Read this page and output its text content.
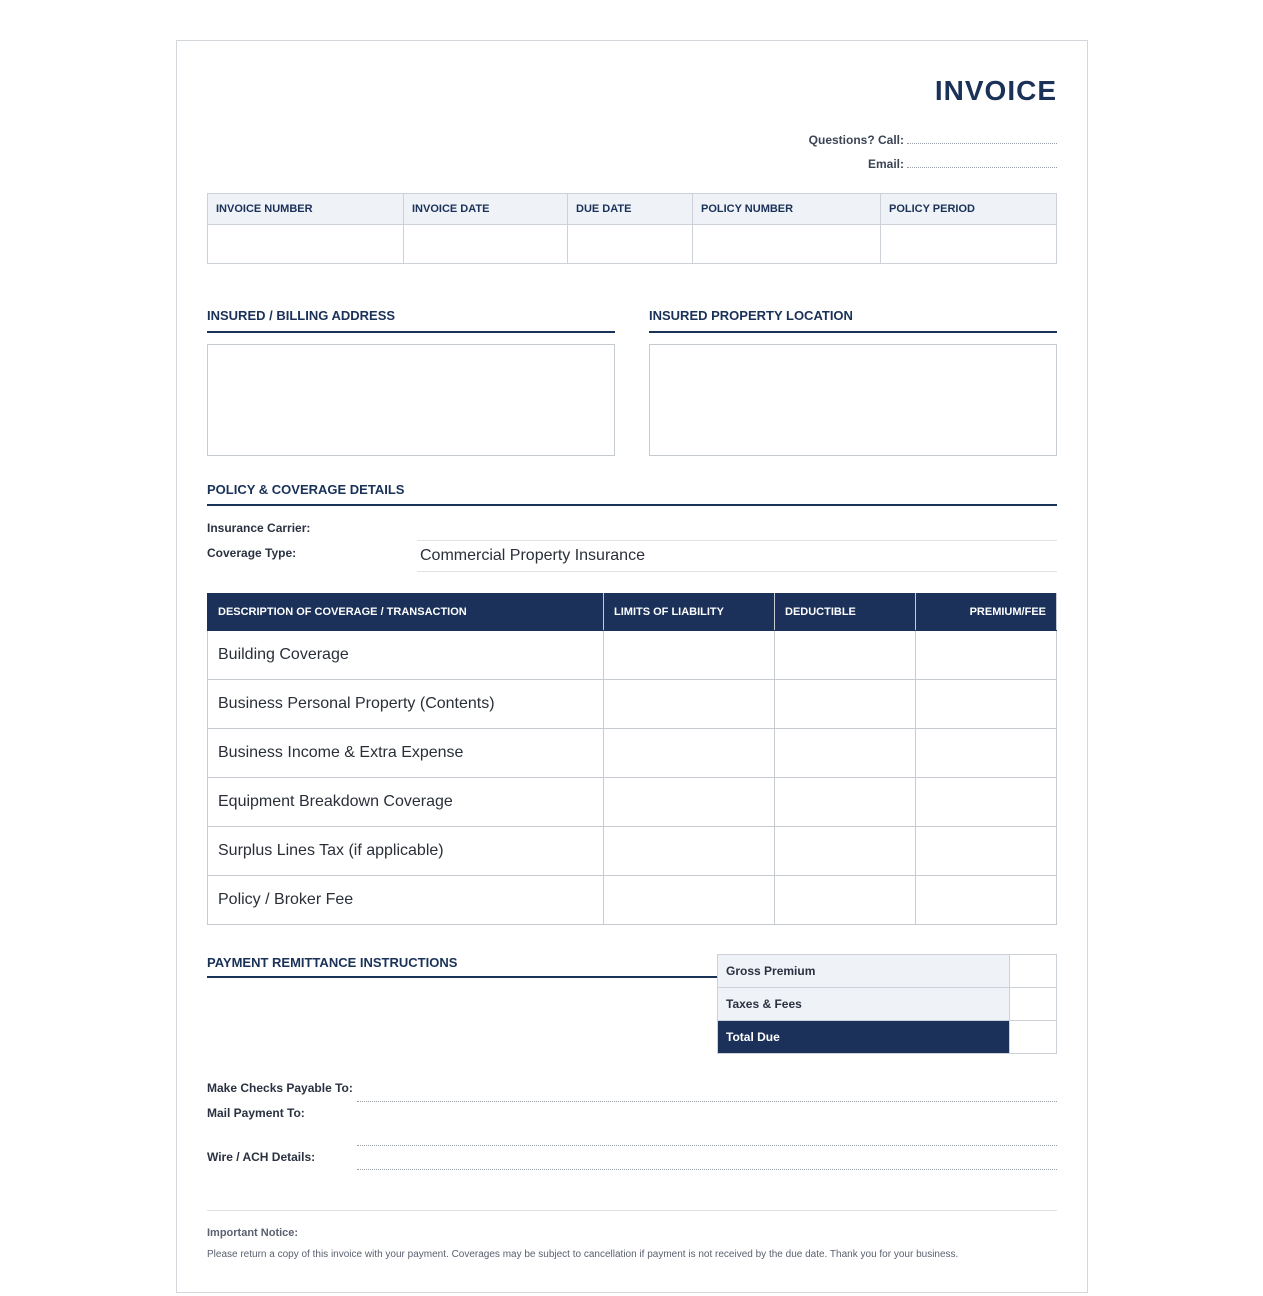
INVOICE
Questions? Call:
Email:
INVOICE NUMBER	INVOICE DATE	DUE DATE	POLICY NUMBER	POLICY PERIOD

INSURED / BILLING ADDRESS	INSURED PROPERTY LOCATION
POLICY & COVERAGE DETAILS
Insurance Carrier:
Coverage Type:	Commercial Property Insurance
DESCRIPTION OF COVERAGE / TRANSACTION	LIMITS OF LIABILITY	DEDUCTIBLE	PREMIUM/FEE
Building Coverage			
Business Personal Property (Contents)			
Business Income & Extra Expense			
Equipment Breakdown Coverage			
Surplus Lines Tax (if applicable)			
Policy / Broker Fee			
PAYMENT REMITTANCE INSTRUCTIONS
Gross Premium	
Taxes & Fees	
Total Due	
Make Checks Payable To:
Mail Payment To:
Wire / ACH Details:
Important Notice:
Please return a copy of this invoice with your payment. Coverages may be subject to cancellation if payment is not received by the due date. Thank you for your business.
